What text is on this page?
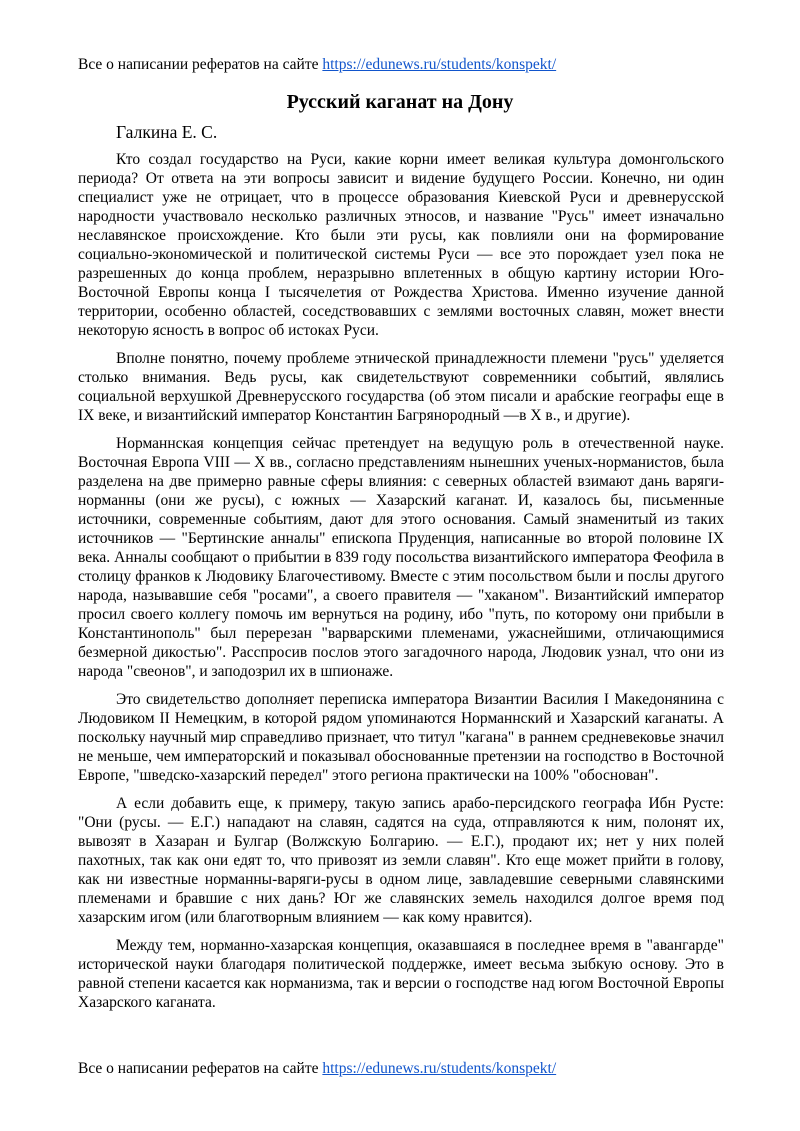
Все о написании рефератов на сайте https://edunews.ru/students/konspekt/
Русский каганат на Дону
Галкина Е. С.

Кто создал государство на Руси, какие корни имеет великая культура домонгольского периода? От ответа на эти вопросы зависит и видение будущего России. Конечно, ни один специалист уже не отрицает, что в процессе образования Киевской Руси и древнерусской народности участвовало несколько различных этносов, и название "Русь" имеет изначально неславянское происхождение. Кто были эти русы, как повлияли они на формирование социально-экономической и политической системы Руси — все это порождает узел пока не разрешенных до конца проблем, неразрывно вплетенных в общую картину истории Юго-Восточной Европы конца I тысячелетия от Рождества Христова. Именно изучение данной территории, особенно областей, соседствовавших с землями восточных славян, может внести некоторую ясность в вопрос об истоках Руси.

Вполне понятно, почему проблеме этнической принадлежности племени "русь" уделяется столько внимания. Ведь русы, как свидетельствуют современники событий, являлись социальной верхушкой Древнерусского государства (об этом писали и арабские географы еще в IX веке, и византийский император Константин Багрянородный —в X в., и другие).

Норманнская концепция сейчас претендует на ведущую роль в отечественной науке. Восточная Европа VIII — X вв., согласно представлениям нынешних ученых-норманистов, была разделена на две примерно равные сферы влияния: с северных областей взимают дань варяги-норманны (они же русы), с южных — Хазарский каганат. И, казалось бы, письменные источники, современные событиям, дают для этого основания. Самый знаменитый из таких источников — "Бертинские анналы" епископа Пруденция, написанные во второй половине IX века. Анналы сообщают о прибытии в 839 году посольства византийского императора Феофила в столицу франков к Людовику Благочестивому. Вместе с этим посольством были и послы другого народа, называвшие себя "росами", а своего правителя — "хаканом". Византийский император просил своего коллегу помочь им вернуться на родину, ибо "путь, по которому они прибыли в Константинополь" был перерезан "варварскими племенами, ужаснейшими, отличающимися безмерной дикостью". Расспросив послов этого загадочного народа, Людовик узнал, что они из народа "свеонов", и заподозрил их в шпионаже.

Это свидетельство дополняет переписка императора Византии Василия I Македонянина с Людовиком II Немецким, в которой рядом упоминаются Норманнский и Хазарский каганаты. А поскольку научный мир справедливо признает, что титул "кагана" в раннем средневековье значил не меньше, чем императорский и показывал обоснованные претензии на господство в Восточной Европе, "шведско-хазарский передел" этого региона практически на 100% "обоснован".

А если добавить еще, к примеру, такую запись арабо-персидского географа Ибн Русте: "Они (русы. — Е.Г.) нападают на славян, садятся на суда, отправляются к ним, полонят их, вывозят в Хазаран и Булгар (Волжскую Болгарию. — Е.Г.), продают их; нет у них полей пахотных, так как они едят то, что привозят из земли славян". Кто еще может прийти в голову, как ни известные норманны-варяги-русы в одном лице, завладевшие северными славянскими племенами и бравшие с них дань? Юг же славянских земель находился долгое время под хазарским игом (или благотворным влиянием — как кому нравится).

Между тем, норманно-хазарская концепция, оказавшаяся в последнее время в "авангарде" исторической науки благодаря политической поддержке, имеет весьма зыбкую основу. Это в равной степени касается как норманизма, так и версии о господстве над югом Восточной Европы Хазарского каганата.

Все о написании рефератов на сайте https://edunews.ru/students/konspekt/
